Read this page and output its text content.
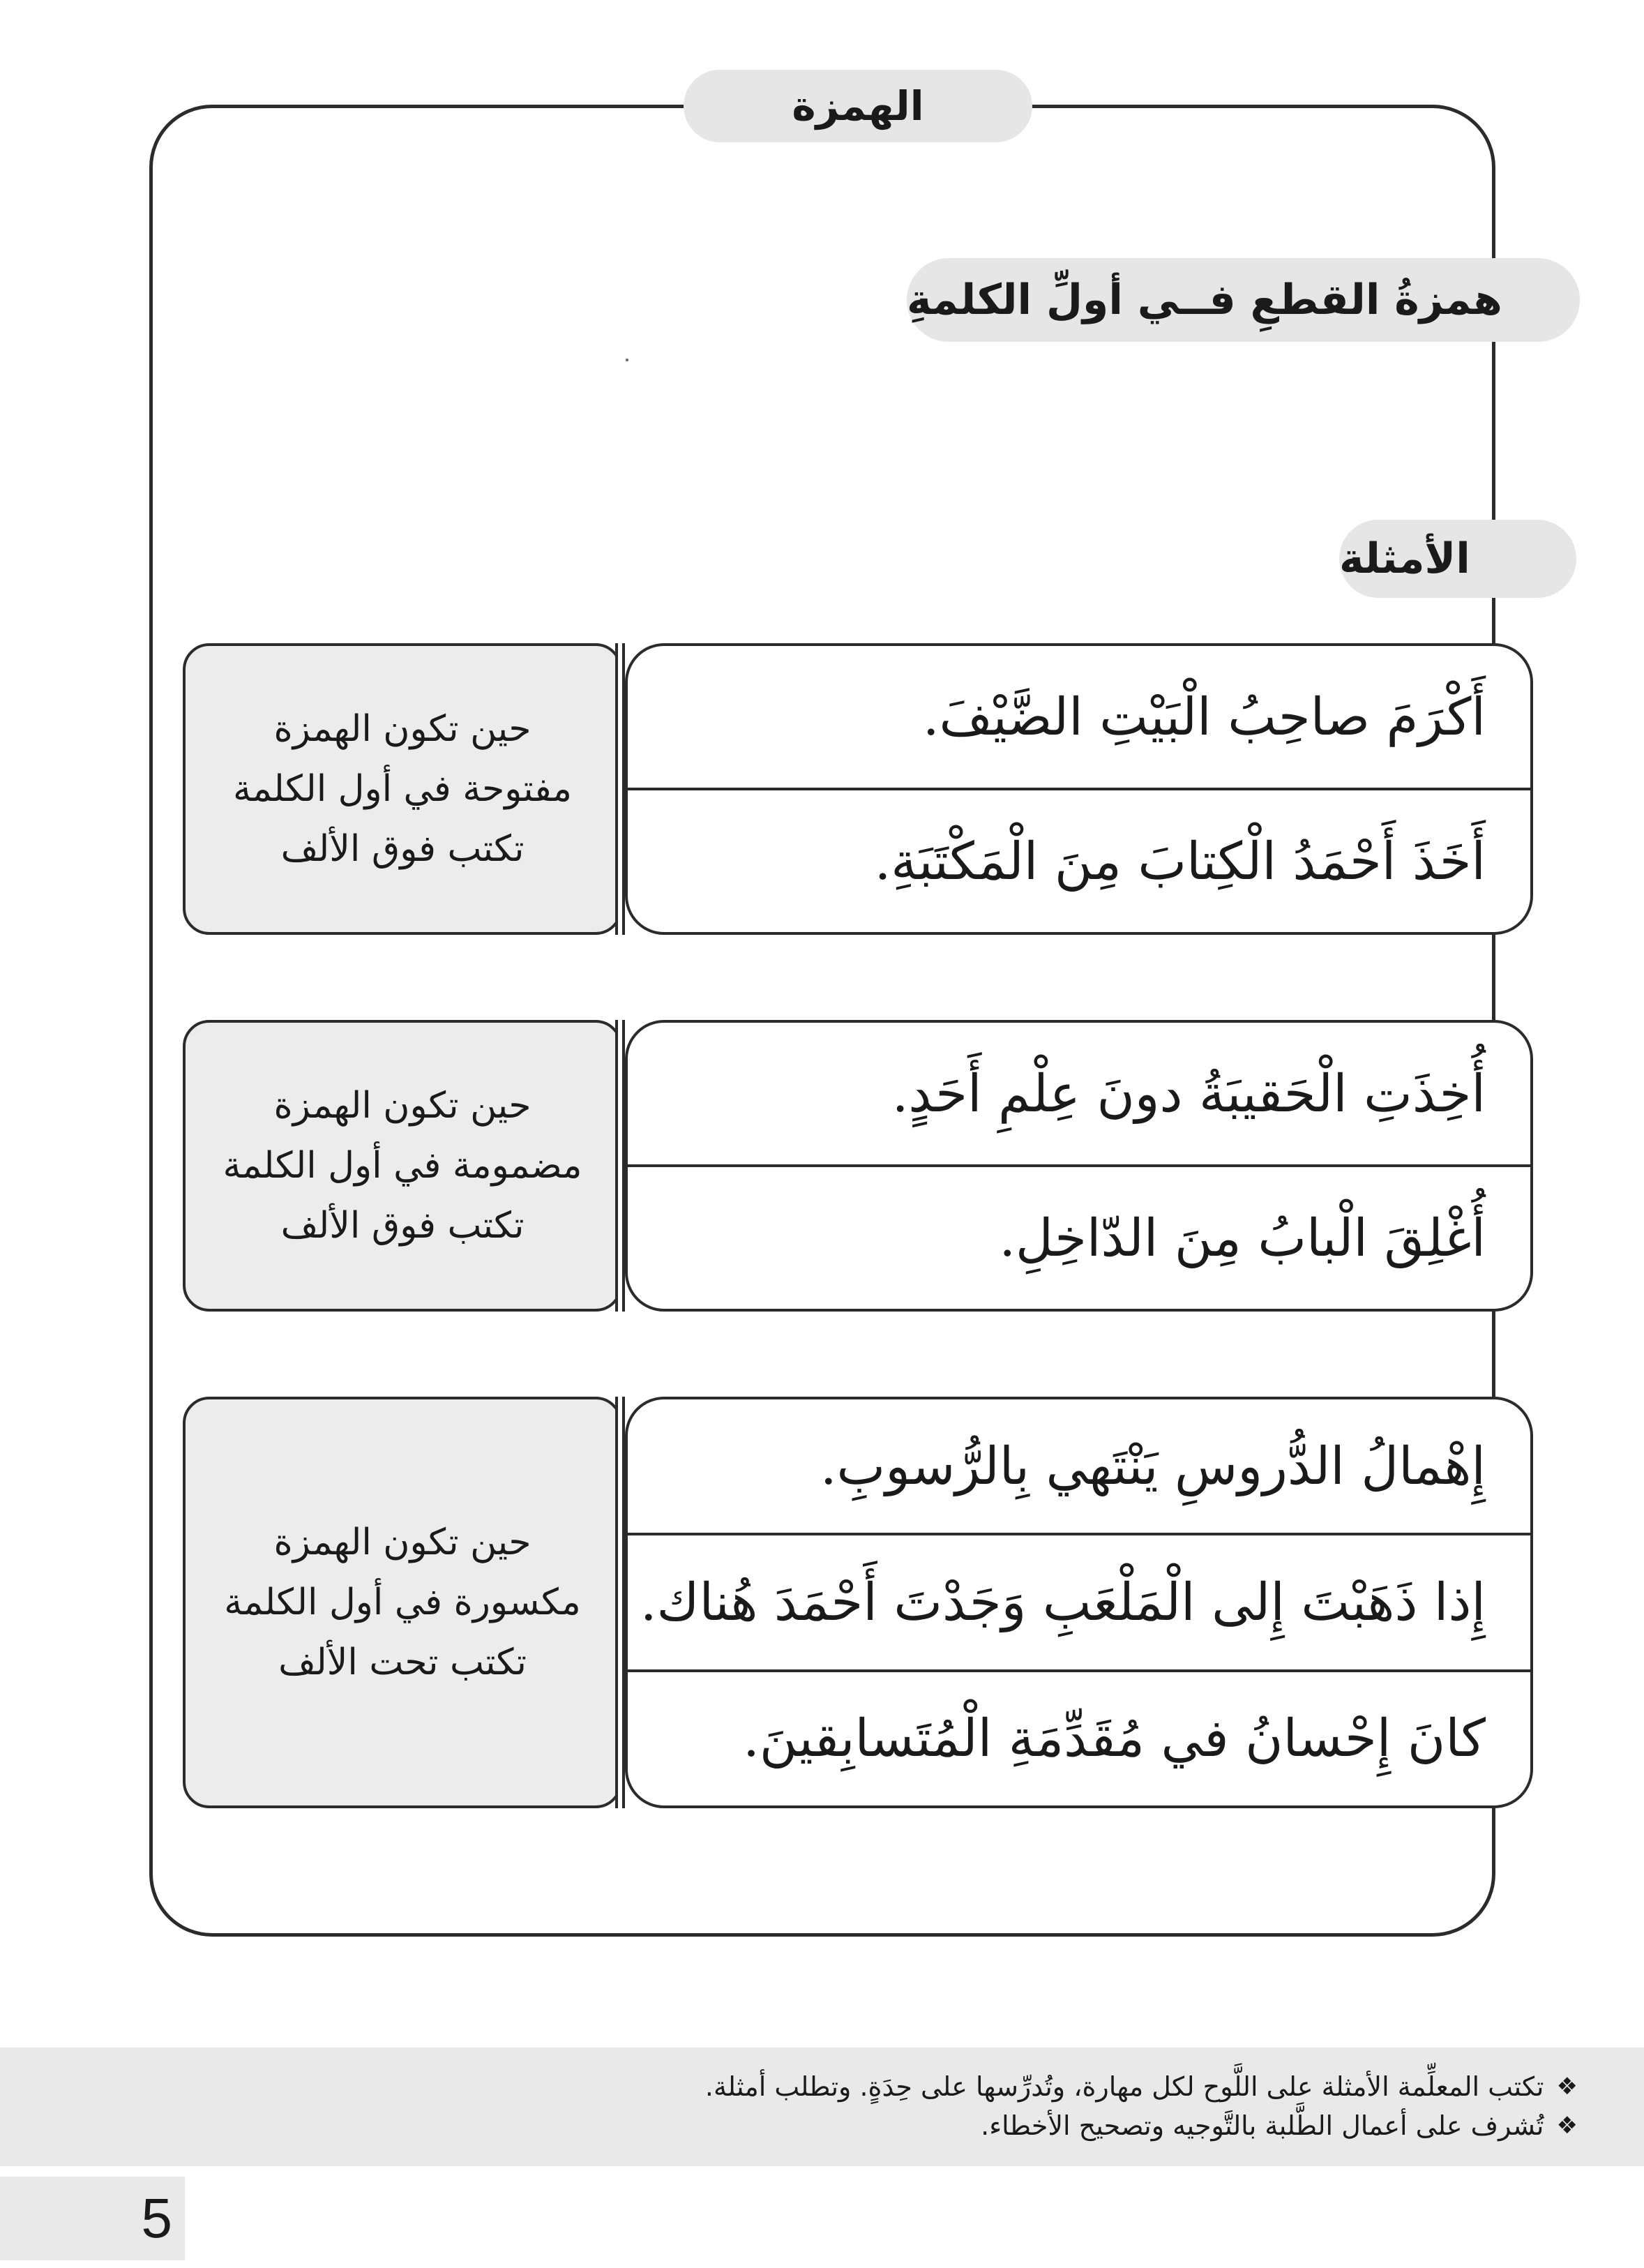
الهمزة
همزةُ القطعِ فــي أولِّ الكلمةِ
الأمثلة
حين تكون الهمزة
مفتوحة في أول الكلمة
تكتب فوق الألف
أَكْرَمَ صاحِبُ الْبَيْتِ الضَّيْفَ.
أَخَذَ أَحْمَدُ الْكِتابَ مِنَ الْمَكْتَبَةِ.
حين تكون الهمزة
مضمومة في أول الكلمة
تكتب فوق الألف
أُخِذَتِ الْحَقيبَةُ دونَ عِلْمِ أَحَدٍ.
أُغْلِقَ الْبابُ مِنَ الدّاخِلِ.
حين تكون الهمزة
مكسورة في أول الكلمة
تكتب تحت الألف
إِهْمالُ الدُّروسِ يَنْتَهي بِالرُّسوبِ.
إِذا ذَهَبْتَ إِلى الْمَلْعَبِ وَجَدْتَ أَحْمَدَ هُناك.
كانَ إِحْسانُ في مُقَدِّمَةِ الْمُتَسابِقينَ.
❖
تكتب المعلِّمة الأمثلة على اللَّوح لكل مهارة، وتُدرِّسها على حِدَةٍ. وتطلب أمثلة.
❖
تُشرف على أعمال الطَّلبة بالتَّوجيه وتصحيح الأخطاء.
5
